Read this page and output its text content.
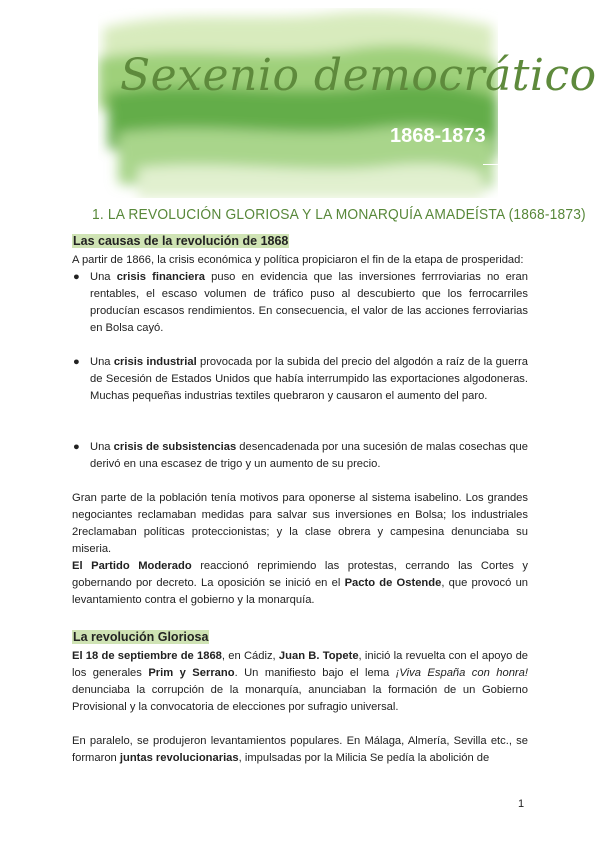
Sexenio democrático
1868-1873
1. LA REVOLUCIÓN GLORIOSA Y LA MONARQUÍA AMADEÍSTA (1868-1873)
Las causas de la revolución de 1868
A partir de 1866, la crisis económica y política propiciaron el fin de la etapa de prosperidad:
● Una crisis financiera puso en evidencia que las inversiones ferrroviarias no eran rentables, el escaso volumen de tráfico puso al descubierto que los ferrocarriles producían escasos rendimientos. En consecuencia, el valor de las acciones ferroviarias en Bolsa cayó.
● Una crisis industrial provocada por la subida del precio del algodón a raíz de la guerra de Secesión de Estados Unidos que había interrumpido las exportaciones algodoneras. Muchas pequeñas industrias textiles quebraron y causaron el aumento del paro.
● Una crisis de subsistencias desencadenada por una sucesión de malas cosechas que derivó en una escasez de trigo y un aumento de su precio.
Gran parte de la población tenía motivos para oponerse al sistema isabelino. Los grandes negociantes reclamaban medidas para salvar sus inversiones en Bolsa; los industriales 2reclamaban políticas proteccionistas; y la clase obrera y campesina denunciaba su miseria.
El Partido Moderado reaccionó reprimiendo las protestas, cerrando las Cortes y gobernando por decreto. La oposición se inició en el Pacto de Ostende, que provocó un levantamiento contra el gobierno y la monarquía.
La revolución Gloriosa
El 18 de septiembre de 1868, en Cádiz, Juan B. Topete, inició la revuelta con el apoyo de los generales Prim y Serrano. Un manifiesto bajo el lema ¡Viva España con honra! denunciaba la corrupción de la monarquía, anunciaban la formación de un Gobierno Provisional y la convocatoria de elecciones por sufragio universal.
En paralelo, se produjeron levantamientos populares. En Málaga, Almería, Sevilla etc., se formaron juntas revolucionarias, impulsadas por la Milicia Se pedía la abolición de
1
